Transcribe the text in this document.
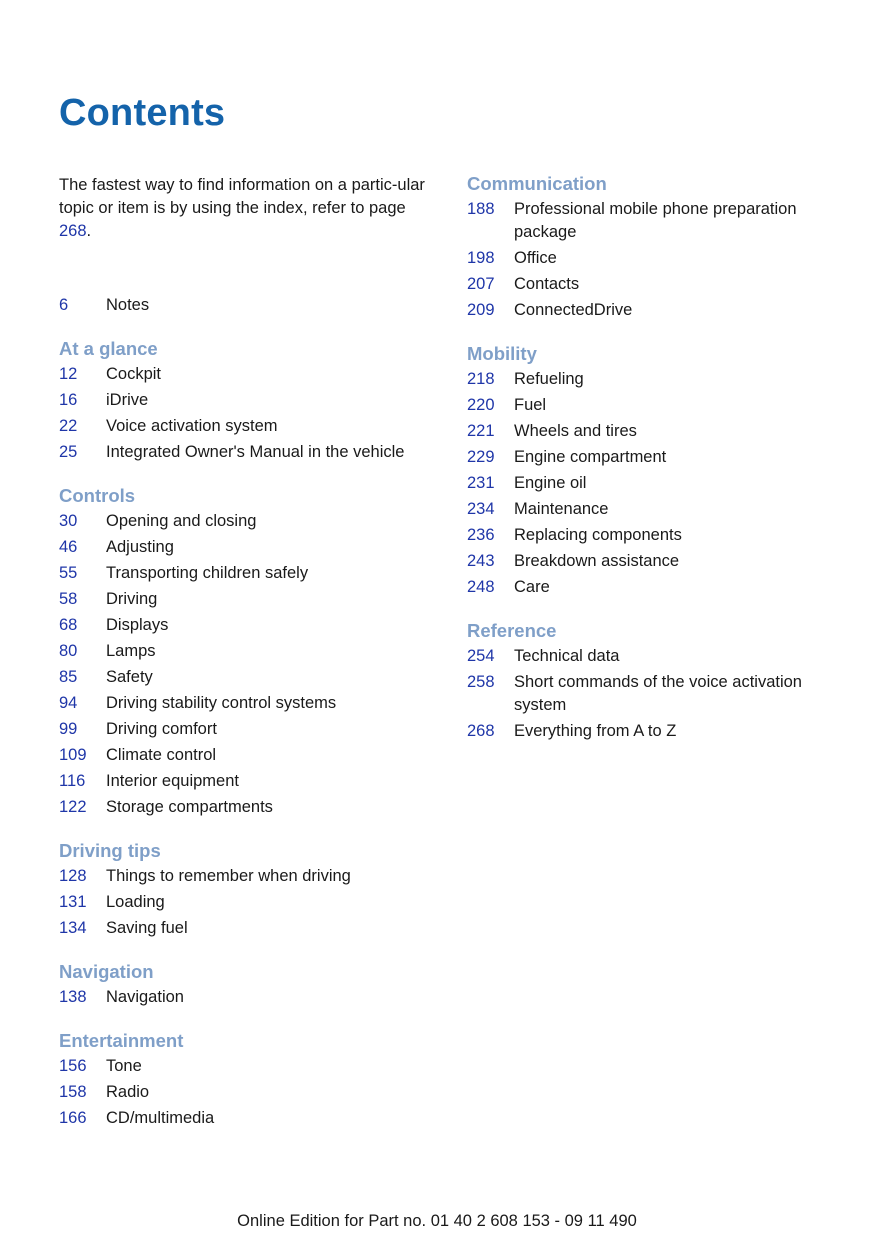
Contents

The fastest way to find information on a partic-ular topic or item is by using the index, refer to page 268.

6	Notes
At a glance
12	Cockpit
16	iDrive
22	Voice activation system
25	Integrated Owner's Manual in the vehicle
Controls
30	Opening and closing
46	Adjusting
55	Transporting children safely
58	Driving
68	Displays
80	Lamps
85	Safety
94	Driving stability control systems
99	Driving comfort
109	Climate control
116	Interior equipment
122	Storage compartments
Driving tips
128	Things to remember when driving
131	Loading
134	Saving fuel
Navigation
138	Navigation
Entertainment
156	Tone
158	Radio
166	CD/multimedia
Communication
188	Professional mobile phone preparation package
198	Office
207	Contacts
209	ConnectedDrive
Mobility
218	Refueling
220	Fuel
221	Wheels and tires
229	Engine compartment
231	Engine oil
234	Maintenance
236	Replacing components
243	Breakdown assistance
248	Care
Reference
254	Technical data
258	Short commands of the voice activation system
268	Everything from A to Z
Online Edition for Part no. 01 40 2 608 153 - 09 11 490
